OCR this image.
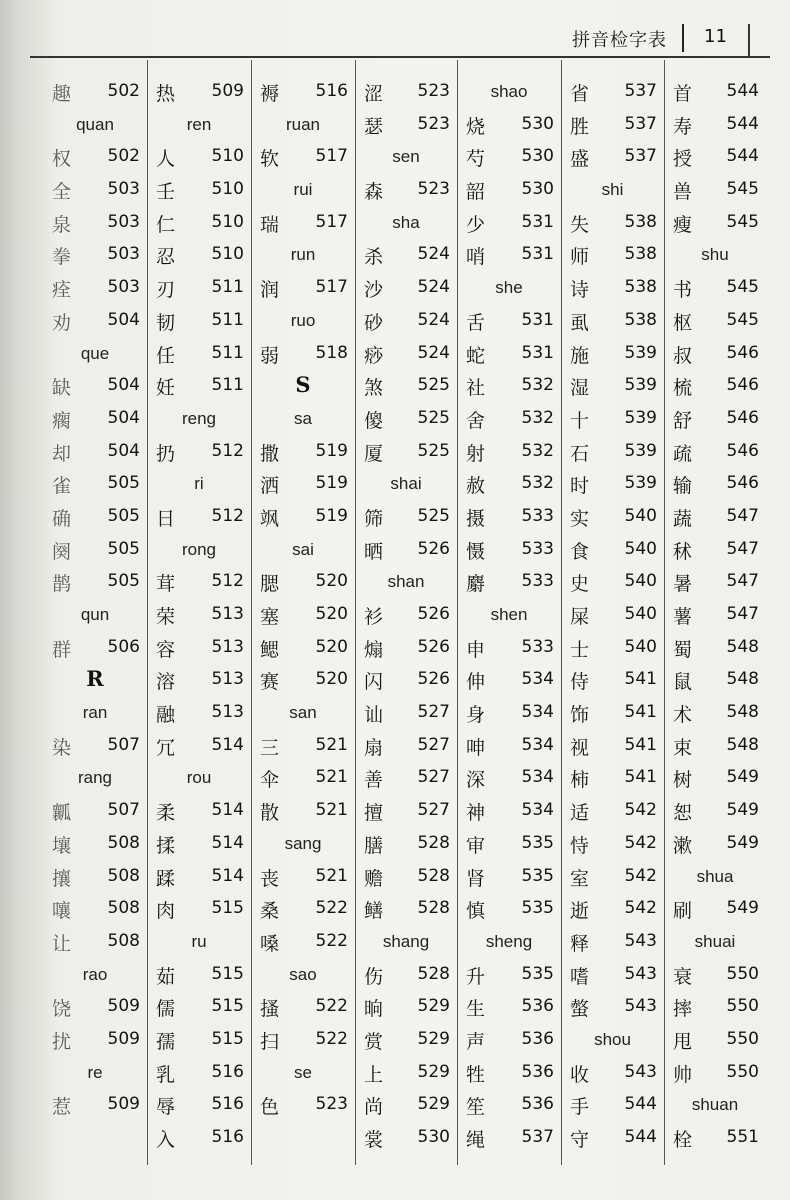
拼音检字表 11
趣 502
quan
权 502
全 503
泉 503
拳 503
痊 503
劝 504
que
缺 504
瘸 504
却 504
雀 505
确 505
阕 505
鹊 505
qun
群 506
R
ran
染 507
rang
瓤 507
壤 508
攘 508
嚷 508
让 508
rao
饶 509
扰 509
re
惹 509
热 509
ren
人 510
壬 510
仁 510
忍 510
刃 511
韧 511
任 511
妊 511
reng
扔 512
ri
日 512
rong
茸 512
荣 513
容 513
溶 513
融 513
冗 514
rou
柔 514
揉 514
蹂 514
肉 515
ru
茹 515
儒 515
孺 515
乳 516
辱 516
入 516
褥 516
ruan
软 517
rui
瑞 517
run
润 517
ruo
弱 518
S
sa
撒 519
洒 519
飒 519
sai
腮 520
塞 520
鳃 520
赛 520
san
三 521
伞 521
散 521
sang
丧 521
桑 522
嗓 522
sao
搔 522
扫 522
se
色 523
涩 523
瑟 523
sen
森 523
sha
杀 524
沙 524
砂 524
痧 524
煞 525
傻 525
厦 525
shai
筛 525
晒 526
shan
衫 526
煽 526
闪 526
讪 527
扇 527
善 527
擅 527
膳 528
赡 528
鳝 528
shang
伤 528
晌 529
赏 529
上 529
尚 529
裳 530
shao
烧 530
芍 530
韶 530
少 531
哨 531
she
舌 531
蛇 531
社 532
舍 532
射 532
赦 532
摄 533
慑 533
麝 533
shen
申 533
伸 534
身 534
呻 534
深 534
神 534
审 535
肾 535
慎 535
sheng
升 535
生 536
声 536
牲 536
笙 536
绳 537
省 537
胜 537
盛 537
shi
失 538
师 538
诗 538
虱 538
施 539
湿 539
十 539
石 539
时 539
实 540
食 540
史 540
屎 540
士 540
侍 541
饰 541
视 541
柿 541
适 542
恃 542
室 542
逝 542
释 543
嗜 543
螫 543
shou
收 543
手 544
守 544
首 544
寿 544
授 544
兽 545
瘦 545
shu
书 545
枢 545
叔 546
梳 546
舒 546
疏 546
输 546
蔬 547
秫 547
暑 547
薯 547
蜀 548
鼠 548
术 548
束 548
树 549
恕 549
漱 549
shua
刷 549
shuai
衰 550
摔 550
甩 550
帅 550
shuan
栓 551
